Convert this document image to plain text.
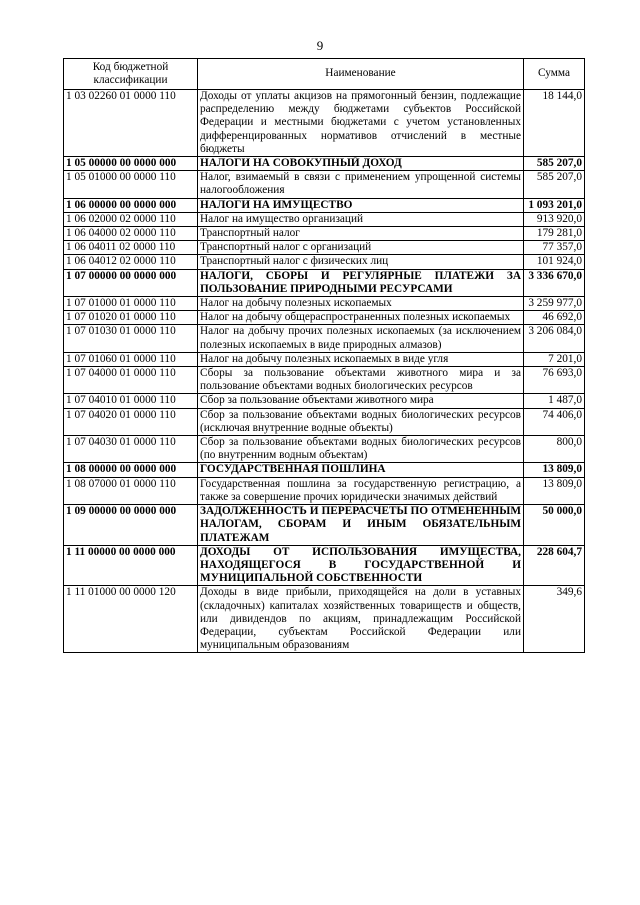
9
Код бюджетной классификации	Наименование	Сумма
1 03 02260 01 0000 110	Доходы от уплаты акцизов на прямогонный бензин, подлежащие распределению между бюджетами субъектов Российской Федерации и местными бюджетами с учетом установленных дифференцированных нормативов отчислений в местные бюджеты	18 144,0
1 05 00000 00 0000 000	НАЛОГИ НА СОВОКУПНЫЙ ДОХОД	585 207,0
1 05 01000 00 0000 110	Налог, взимаемый в связи с применением упрощенной системы налогообложения	585 207,0
1 06 00000 00 0000 000	НАЛОГИ НА ИМУЩЕСТВО	1 093 201,0
1 06 02000 02 0000 110	Налог на имущество организаций	913 920,0
1 06 04000 02 0000 110	Транспортный налог	179 281,0
1 06 04011 02 0000 110	Транспортный налог с организаций	77 357,0
1 06 04012 02 0000 110	Транспортный налог с физических лиц	101 924,0
1 07 00000 00 0000 000	НАЛОГИ, СБОРЫ И РЕГУЛЯРНЫЕ ПЛАТЕЖИ ЗА ПОЛЬЗОВАНИЕ ПРИРОДНЫМИ РЕСУРСАМИ	3 336 670,0
1 07 01000 01 0000 110	Налог на добычу полезных ископаемых	3 259 977,0
1 07 01020 01 0000 110	Налог на добычу общераспространенных полезных ископаемых	46 692,0
1 07 01030 01 0000 110	Налог на добычу прочих полезных ископаемых (за исключением полезных ископаемых в виде природных алмазов)	3 206 084,0
1 07 01060 01 0000 110	Налог на добычу полезных ископаемых в виде угля	7 201,0
1 07 04000 01 0000 110	Сборы за пользование объектами животного мира и за пользование объектами водных биологических ресурсов	76 693,0
1 07 04010 01 0000 110	Сбор за пользование объектами животного мира	1 487,0
1 07 04020 01 0000 110	Сбор за пользование объектами водных биологических ресурсов (исключая внутренние водные объекты)	74 406,0
1 07 04030 01 0000 110	Сбор за пользование объектами водных биологических ресурсов (по внутренним водным объектам)	800,0
1 08 00000 00 0000 000	ГОСУДАРСТВЕННАЯ ПОШЛИНА	13 809,0
1 08 07000 01 0000 110	Государственная пошлина за государственную регистрацию, а также за совершение прочих юридически значимых действий	13 809,0
1 09 00000 00 0000 000	ЗАДОЛЖЕННОСТЬ И ПЕРЕРАСЧЕТЫ ПО ОТМЕНЕННЫМ НАЛОГАМ, СБОРАМ И ИНЫМ ОБЯЗАТЕЛЬНЫМ ПЛАТЕЖАМ	50 000,0
1 11 00000 00 0000 000	ДОХОДЫ ОТ ИСПОЛЬЗОВАНИЯ ИМУЩЕСТВА, НАХОДЯЩЕГОСЯ В ГОСУДАРСТВЕННОЙ И МУНИЦИПАЛЬНОЙ СОБСТВЕННОСТИ	228 604,7
1 11 01000 00 0000 120	Доходы в виде прибыли, приходящейся на доли в уставных (складочных) капиталах хозяйственных товариществ и обществ, или дивидендов по акциям, принадлежащим Российской Федерации, субъектам Российской Федерации или муниципальным образованиям	349,6
